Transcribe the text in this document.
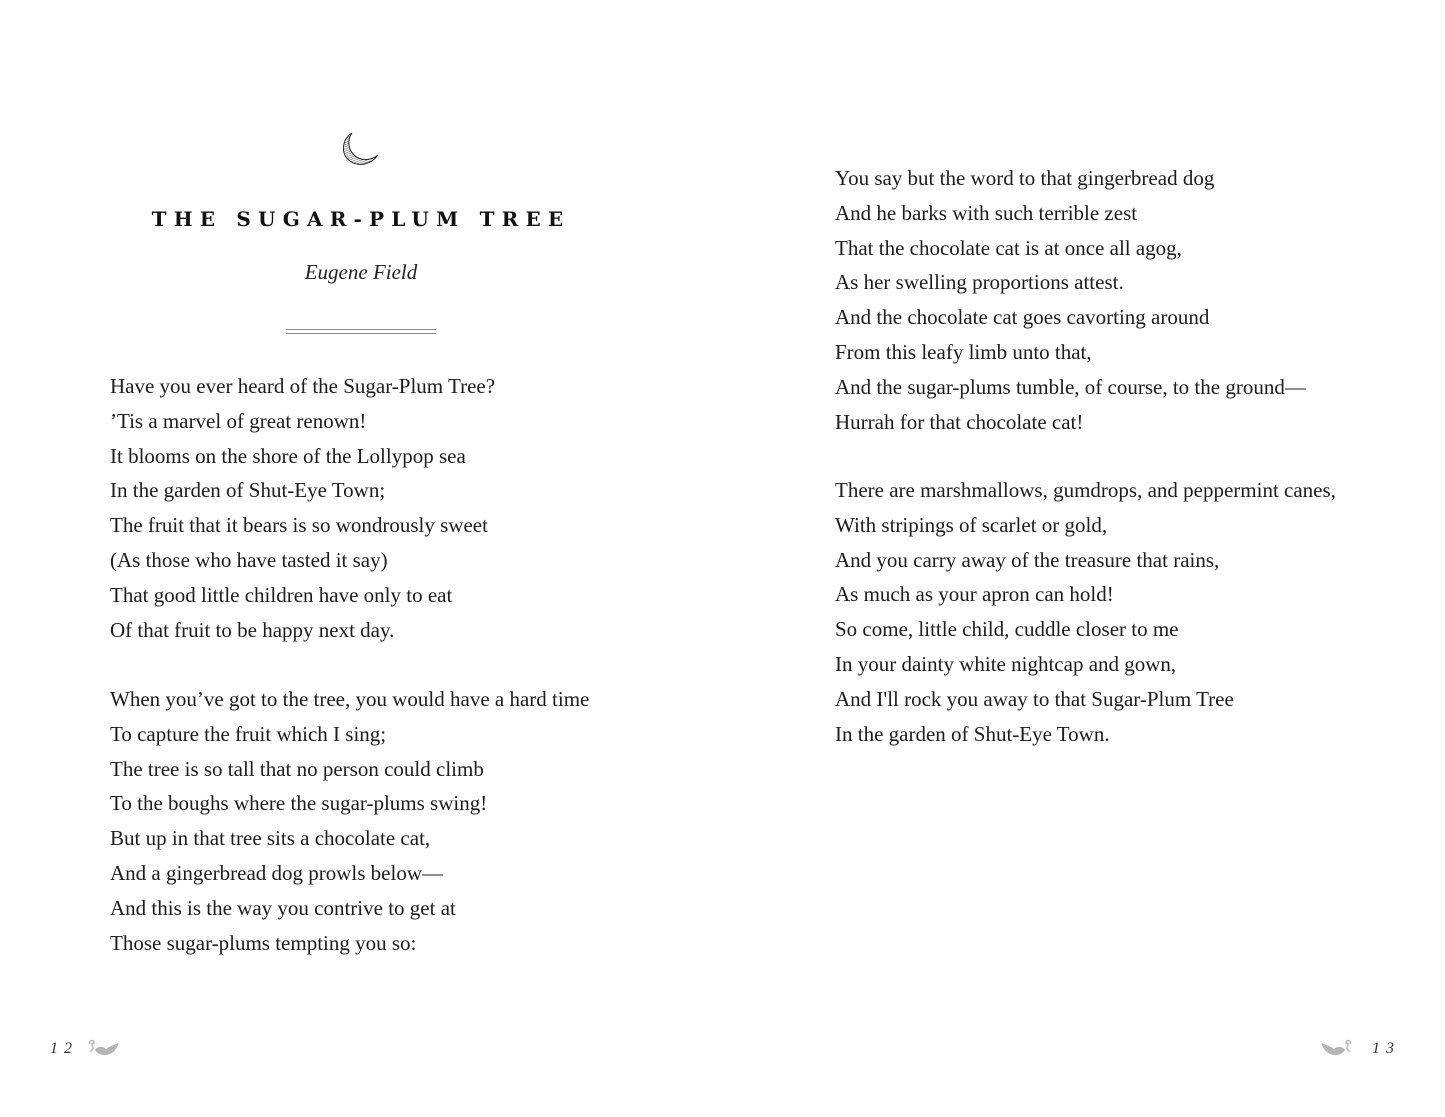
THE SUGAR-PLUM TREE
Eugene Field
Have you ever heard of the Sugar-Plum Tree?
’Tis a marvel of great renown!
It blooms on the shore of the Lollypop sea
In the garden of Shut-Eye Town;
The fruit that it bears is so wondrously sweet
(As those who have tasted it say)
That good little children have only to eat
Of that fruit to be happy next day.
When you’ve got to the tree, you would have a hard time
To capture the fruit which I sing;
The tree is so tall that no person could climb
To the boughs where the sugar-plums swing!
But up in that tree sits a chocolate cat,
And a gingerbread dog prowls below—
And this is the way you contrive to get at
Those sugar-plums tempting you so:
12
You say but the word to that gingerbread dog
And he barks with such terrible zest
That the chocolate cat is at once all agog,
As her swelling proportions attest.
And the chocolate cat goes cavorting around
From this leafy limb unto that,
And the sugar-plums tumble, of course, to the ground—
Hurrah for that chocolate cat!
There are marshmallows, gumdrops, and peppermint canes,
With stripings of scarlet or gold,
And you carry away of the treasure that rains,
As much as your apron can hold!
So come, little child, cuddle closer to me
In your dainty white nightcap and gown,
And I'll rock you away to that Sugar-Plum Tree
In the garden of Shut-Eye Town.
13
